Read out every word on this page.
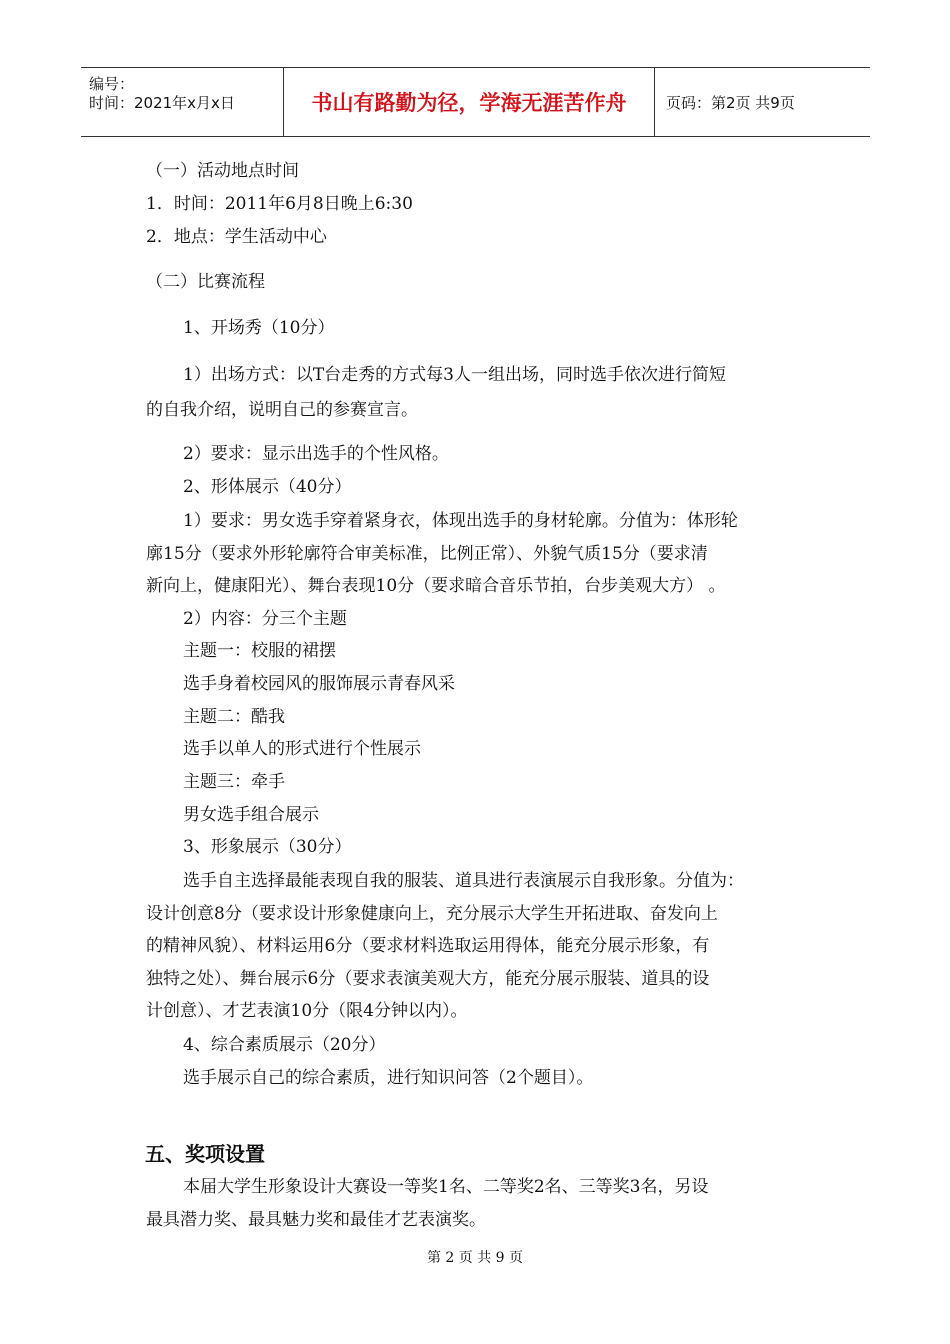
编号：
时间：2021年x月x日	书山有路勤为径，学海无涯苦作舟	页码：第2页 共9页
（一）活动地点时间
1．时间：2011年6月8日晚上6:30
2．地点：学生活动中心
（二）比赛流程
1、开场秀（10分）
1）出场方式：以T台走秀的方式每3人一组出场，同时选手依次进行简短
的自我介绍，说明自己的参赛宣言。
2）要求：显示出选手的个性风格。
2、形体展示（40分）
1）要求：男女选手穿着紧身衣，体现出选手的身材轮廓。分值为：体形轮
廓15分（要求外形轮廓符合审美标准，比例正常）、外貌气质15分（要求清
新向上，健康阳光）、舞台表现10分（要求暗合音乐节拍，台步美观大方） 。
2）内容：分三个主题
主题一：校服的裙摆
选手身着校园风的服饰展示青春风采
主题二：酷我
选手以单人的形式进行个性展示
主题三：牵手
男女选手组合展示
3、形象展示（30分）
选手自主选择最能表现自我的服装、道具进行表演展示自我形象。分值为：
设计创意8分（要求设计形象健康向上，充分展示大学生开拓进取、奋发向上
的精神风貌）、材料运用6分（要求材料选取运用得体，能充分展示形象，有
独特之处）、舞台展示6分（要求表演美观大方，能充分展示服装、道具的设
计创意）、才艺表演10分（限4分钟以内）。
4、综合素质展示（20分）
选手展示自己的综合素质，进行知识问答（2个题目）。
五、奖项设置
本届大学生形象设计大赛设一等奖1名、二等奖2名、三等奖3名，另设
最具潜力奖、最具魅力奖和最佳才艺表演奖。
第 2 页 共 9 页
